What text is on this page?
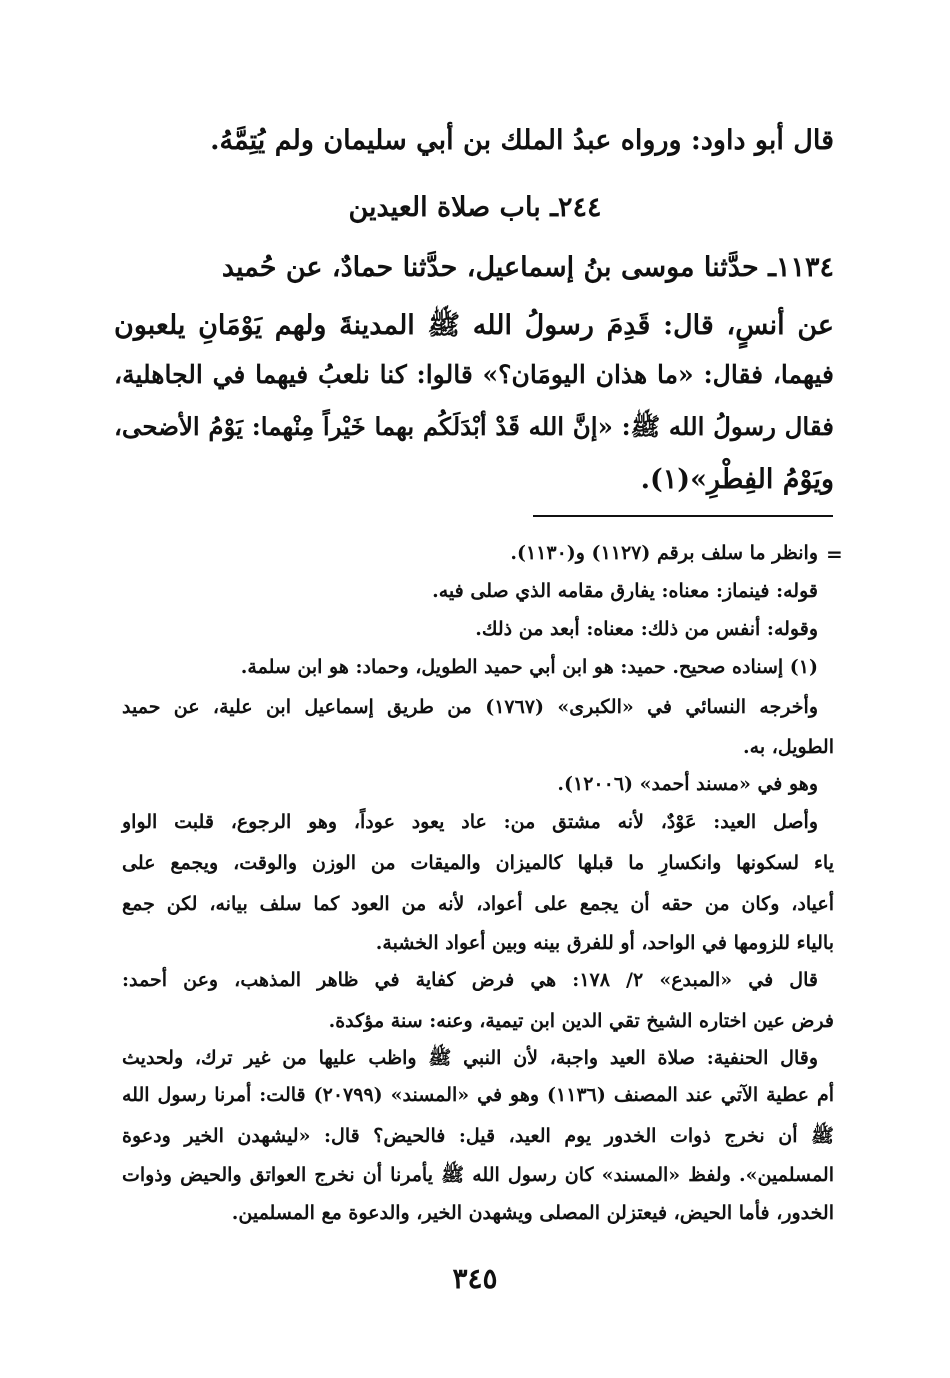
قال أبو داود: ورواه عبدُ الملك بن أبي سليمان ولم يُتِمَّهُ.
٢٤٤ـ باب صلاة العيدين
١١٣٤ـ حدَّثنا موسى بنُ إسماعيل، حدَّثنا حمادٌ، عن حُميد
عن أنسٍ، قال: قَدِمَ رسولُ الله ﷺ المدينةَ ولهم يَوْمَانِ يلعبون
فيهما، فقال: «ما هذان اليومَان؟» قالوا: كنا نلعبُ فيهما في الجاهلية،
فقال رسولُ الله ﷺ: «إنَّ الله قَدْ أبْدَلَكُم بهما خَيْراً مِنْهما: يَوْمُ الأضحى،
ويَوْمُ الفِطْرِ»(١).
=
وانظر ما سلف برقم (١١٢٧) و(١١٣٠).
قوله: فينماز: معناه: يفارق مقامه الذي صلى فيه.
وقوله: أنفس من ذلك: معناه: أبعد من ذلك.
(١) إسناده صحيح. حميد: هو ابن أبي حميد الطويل، وحماد: هو ابن سلمة.
وأخرجه النسائي في «الكبرى» (١٧٦٧) من طريق إسماعيل ابن علية، عن حميد
الطويل، به.
وهو في «مسند أحمد» (١٢٠٠٦).
وأصل العيد: عَوْدٌ، لأنه مشتق من: عاد يعود عوداً، وهو الرجوع، قلبت الواو
ياء لسكونها وانكسارِ ما قبلها كالميزان والميقات من الوزن والوقت، ويجمع على
أعياد، وكان من حقه أن يجمع على أعواد، لأنه من العود كما سلف بيانه، لكن جمع
بالياء للزومها في الواحد، أو للفرق بينه وبين أعواد الخشبة.
قال في «المبدع» ٢/ ١٧٨: هي فرض كفاية في ظاهر المذهب، وعن أحمد:
فرض عين اختاره الشيخ تقي الدين ابن تيمية، وعنه: سنة مؤكدة.
وقال الحنفية: صلاة العيد واجبة، لأن النبي ﷺ واظب عليها من غير ترك، ولحديث
أم عطية الآتي عند المصنف (١١٣٦) وهو في «المسند» (٢٠٧٩٩) قالت: أمرنا رسول الله
ﷺ أن نخرج ذوات الخدور يوم العيد، قيل: فالحيض؟ قال: «ليشهدن الخير ودعوة
المسلمين». ولفظ «المسند» كان رسول الله ﷺ يأمرنا أن نخرج العواتق والحيض وذوات
الخدور، فأما الحيض، فيعتزلن المصلى ويشهدن الخير، والدعوة مع المسلمين.
٣٤٥
